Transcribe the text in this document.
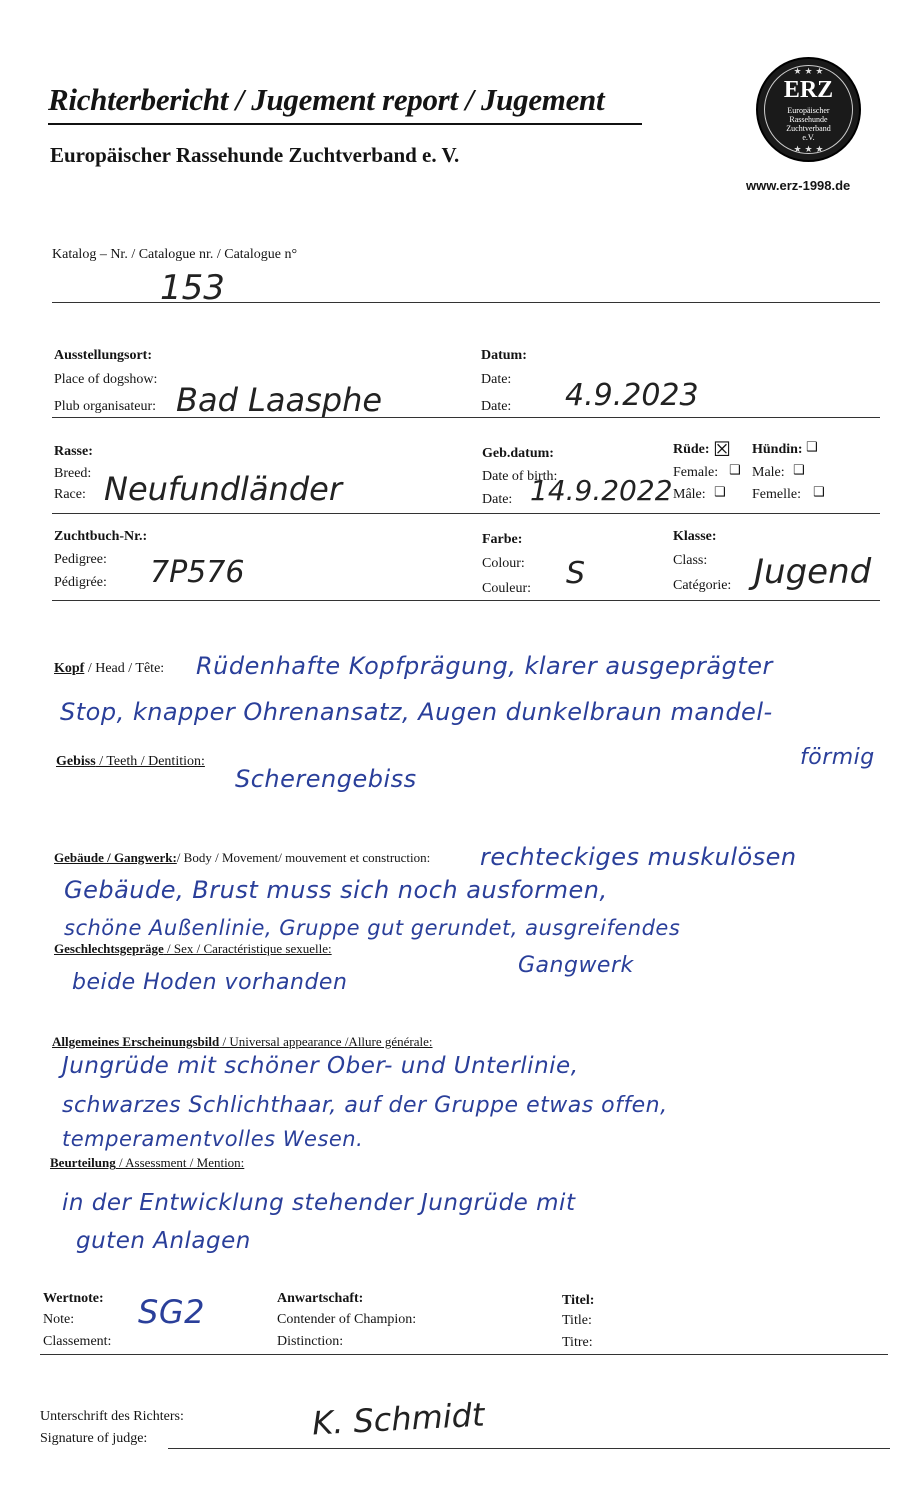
Richterbericht / Jugement report / Jugement
Europäischer Rassehunde Zuchtverband e. V.
★ ★ ★
ERZ
Europäischer
Rassehunde
Zuchtverband
e.V.
★ ★ ★
www.erz-1998.de
Katalog – Nr. / Catalogue nr. / Catalogue n°
153
Ausstellungsort:
Place of dogshow:
Plub organisateur: Bad Laasphe
Datum:
Date:
Date: 4.9.2023
Rasse:
Breed:
Race: Neufundländer
Geb.datum:
Date of birth:
Date: 14.9.2022
Rüde: ☒
Female: ❑
Mâle: ❑
Hündin: ❑
Male: ❑
Femelle: ❑
Zuchtbuch-Nr.:
Pedigree:
Pédigrée: 7P576
Farbe:
Colour:
Couleur: S
Klasse:
Class:
Catégorie: Jugend
Kopf / Head / Tête: Rüdenhafte Kopfprägung, klarer ausgeprägter
Stop, knapper Ohrenansatz, Augen dunkelbraun mandel-
förmig
Gebiss / Teeth / Dentition:
Scherengebiss
Gebäude / Gangwerk:/ Body / Movement/ mouvement et construction: rechteckiges muskulösen
Gebäude, Brust muss sich noch ausformen,
schöne Außenlinie, Gruppe gut gerundet, ausgreifendes
Geschlechtsgepräge / Sex / Caractéristique sexuelle:
Gangwerk
beide Hoden vorhanden
Allgemeines Erscheinungsbild / Universal appearance /Allure générale:
Jungrüde mit schöner Ober- und Unterlinie,
schwarzes Schlichthaar, auf der Gruppe etwas offen,
temperamentvolles Wesen.
Beurteilung / Assessment / Mention:
in der Entwicklung stehender Jungrüde mit
guten Anlagen
Wertnote:
Note:
Classement:
SG2	Anwartschaft:
Contender of Champion:
Distinction:
Titel:
Title:
Titre:
Unterschrift des Richters:
Signature of judge:	K. Schmidt
